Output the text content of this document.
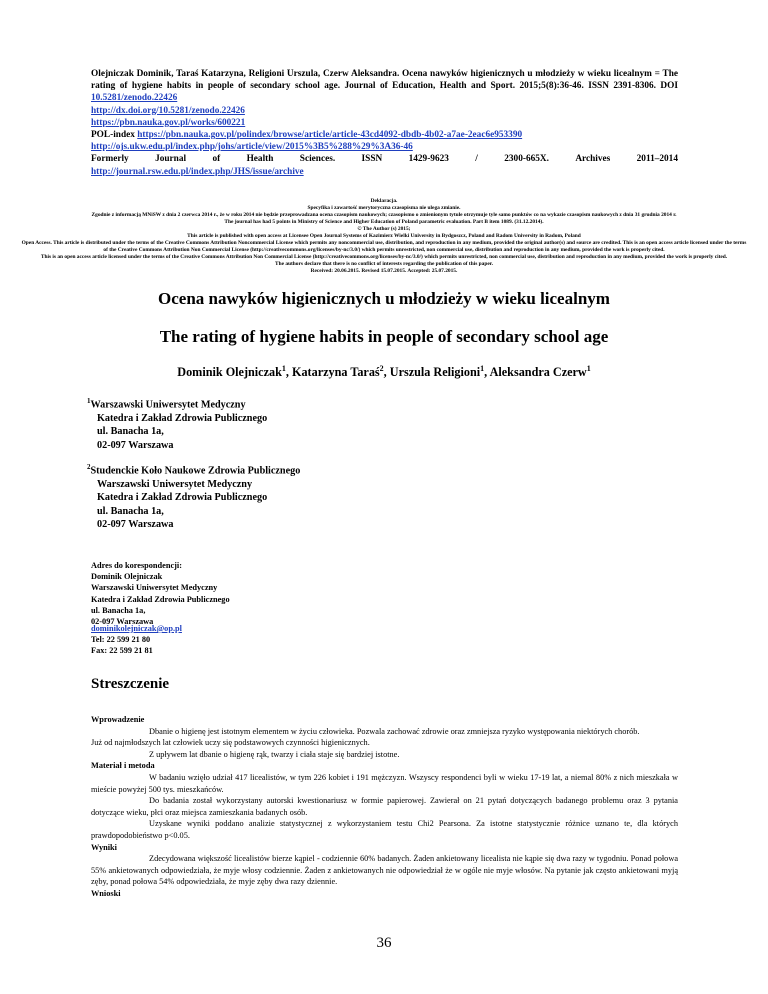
Olejniczak Dominik, Taraś Katarzyna, Religioni Urszula, Czerw Aleksandra. Ocena nawyków higienicznych u młodzieży w wieku licealnym = The rating of hygiene habits in people of secondary school age. Journal of Education, Health and Sport. 2015;5(8):36-46. ISSN 2391-8306. DOI 10.5281/zenodo.22426

http://dx.doi.org/10.5281/zenodo.22426

https://pbn.nauka.gov.pl/works/600221

POL-index https://pbn.nauka.gov.pl/polindex/browse/article/article-43cd4092-dbdb-4b02-a7ae-2eac6e953390

http://ojs.ukw.edu.pl/index.php/johs/article/view/2015%3B5%288%29%3A36-46

Formerly	Journal	of	Health	Sciences.	ISSN	1429-9623	/	2300-665X.	Archives	2011–2014

http://journal.rsw.edu.pl/index.php/JHS/issue/archive

Deklaracja.

Specyfika i zawartość merytoryczna czasopisma nie ulega zmianie.

Zgodnie z informacją MNiSW z dnia 2 czerwca 2014 r., że w roku 2014 nie będzie przeprowadzana ocena czasopism naukowych; czasopismo o zmienionym tytule otrzymuje tyle samo punktów co na wykazie czasopism naukowych z dnia 31 grudnia 2014 r.

The journal has had 5 points in Ministry of Science and Higher Education of Poland parametric evaluation. Part B item 1089. (31.12.2014).

© The Author (s) 2015;

This article is published with open access at Licensee Open Journal Systems of Kazimierz Wielki University in Bydgoszcz, Poland and Radom University in Radom, Poland

Open Access. This article is distributed under the terms of the Creative Commons Attribution Noncommercial License which permits any noncommercial use, distribution, and reproduction in any medium, provided the original author(s) and source are credited. This is an open access article licensed under the terms of the Creative Commons Attribution Non Commercial License (http://creativecommons.org/licenses/by-nc/3.0/) which permits unrestricted, non commercial use, distribution and reproduction in any medium, provided the work is properly cited.

This is an open access article licensed under the terms of the Creative Commons Attribution Non Commercial License (http://creativecommons.org/licenses/by-nc/3.0/) which permits unrestricted, non commercial use, distribution and reproduction in any medium, provided the work is properly cited.

The authors declare that there is no conflict of interests regarding the publication of this paper.

Received: 20.06.2015. Revised 15.07.2015. Accepted: 25.07.2015.

Ocena nawyków higienicznych u młodzieży w wieku licealnym
The rating of hygiene habits in people of secondary school age
Dominik Olejniczak$^1$, Katarzyna Taraś$^2$, Urszula Religioni$^1$, Aleksandra Czerw$^1$

$^1$Warszawski Uniwersytet Medyczny

Katedra i Zakład Zdrowia Publicznego

ul. Banacha 1a,

02-097 Warszawa

$^2$Studenckie Koło Naukowe Zdrowia Publicznego

Warszawski Uniwersytet Medyczny

Katedra i Zakład Zdrowia Publicznego

ul. Banacha 1a,

02-097 Warszawa

Adres do korespondencji:

Dominik Olejniczak

Warszawski Uniwersytet Medyczny

Katedra i Zakład Zdrowia Publicznego

ul. Banacha 1a,

02-097 Warszawa

dominikolejniczak@op.pl

Tel: 22 599 21 80

Fax: 22 599 21 81

Streszczenie

Wprowadzenie

Dbanie o higienę jest istotnym elementem w życiu człowieka. Pozwala zachować zdrowie oraz zmniejsza ryzyko występowania niektórych chorób.

Już od najmłodszych lat człowiek uczy się podstawowych czynności higienicznych.

Z upływem lat dbanie o higienę rąk, twarzy i ciała staje się bardziej istotne.

Materiał i metoda

W badaniu wzięło udział 417 licealistów, w tym 226 kobiet i 191 mężczyzn. Wszyscy respondenci byli w wieku 17-19 lat, a niemal 80% z nich mieszkała w mieście powyżej 500 tys. mieszkańców.

Do badania został wykorzystany autorski kwestionariusz w formie papierowej. Zawierał on 21 pytań dotyczących badanego problemu oraz 3 pytania dotyczące wieku, płci oraz miejsca zamieszkania badanych osób.

Uzyskane wyniki poddano analizie statystycznej z wykorzystaniem testu Chi2 Pearsona. Za istotne statystycznie różnice uznano te, dla których prawdopodobieństwo p<0.05.

Wyniki

Zdecydowana większość licealistów bierze kąpiel - codziennie 60% badanych. Żaden ankietowany licealista nie kąpie się dwa razy w tygodniu. Ponad połowa 55% ankietowanych odpowiedziała, że myje włosy codziennie. Żaden z ankietowanych nie odpowiedział że w ogóle nie myje włosów. Na pytanie jak często ankietowani myją zęby, ponad połowa 54% odpowiedziała, że myje zęby dwa razy dziennie.

Wnioski

36
